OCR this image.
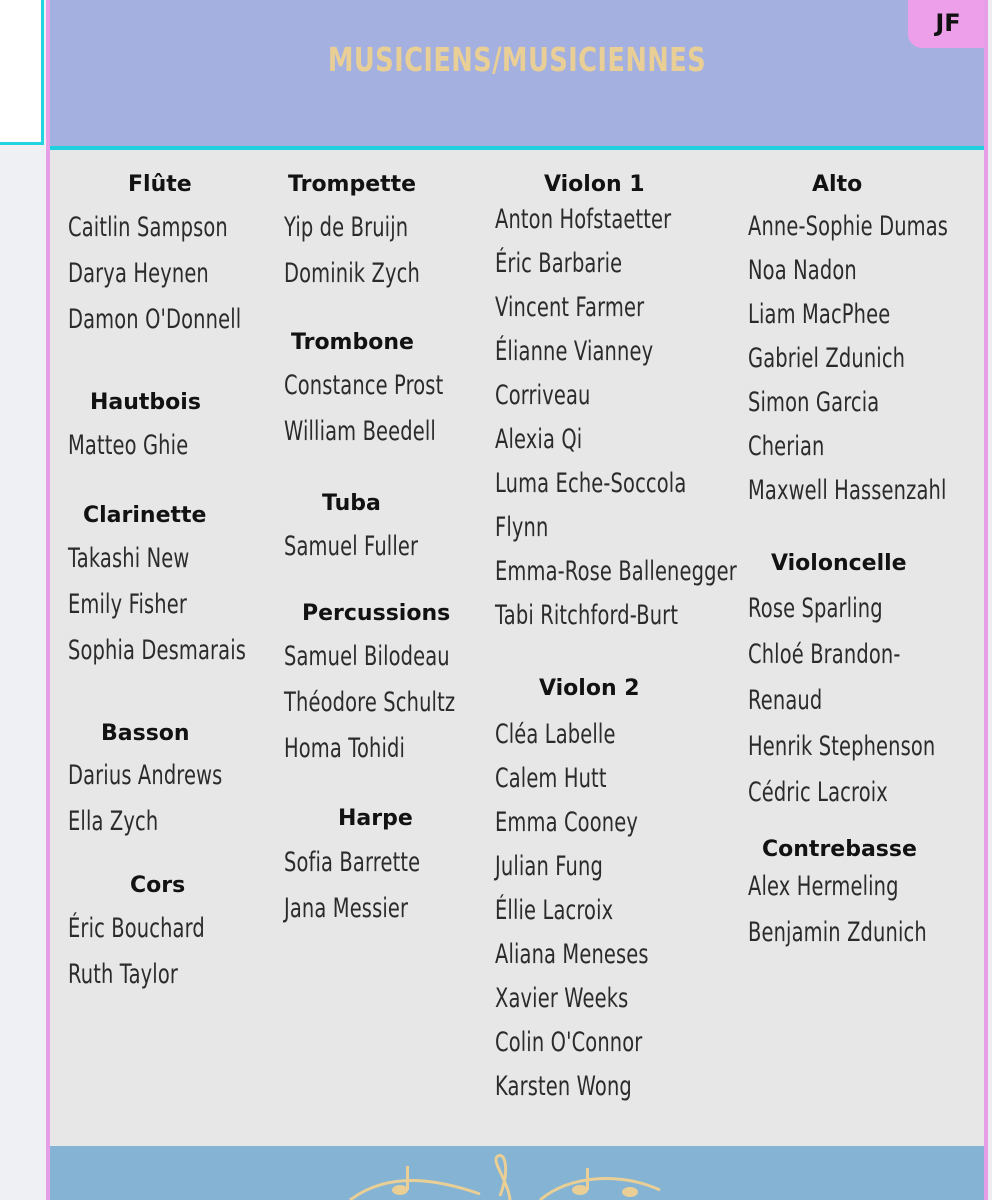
MUSICIENS/MUSICIENNES
JF
Flûte
Caitlin Sampson
Darya Heynen
Damon O'Donnell
Hautbois
Matteo Ghie
Clarinette
Takashi New
Emily Fisher
Sophia Desmarais
Basson
Darius Andrews
Ella Zych
Cors
Éric Bouchard
Ruth Taylor
Trompette
Yip de Bruijn
Dominik Zych
Trombone
Constance Prost
William Beedell
Tuba
Samuel Fuller
Percussions
Samuel Bilodeau
Théodore Schultz
Homa Tohidi
Harpe
Sofia Barrette
Jana Messier
Violon 1
Anton Hofstaetter
Éric Barbarie
Vincent Farmer
Élianne Vianney
Corriveau
Alexia Qi
Luma Eche-Soccola
Flynn
Emma-Rose Ballenegger
Tabi Ritchford-Burt
Violon 2
Cléa Labelle
Calem Hutt
Emma Cooney
Julian Fung
Éllie Lacroix
Aliana Meneses
Xavier Weeks
Colin O'Connor
Karsten Wong
Alto
Anne-Sophie Dumas
Noa Nadon
Liam MacPhee
Gabriel Zdunich
Simon Garcia
Cherian
Maxwell Hassenzahl
Violoncelle
Rose Sparling
Chloé Brandon-
Renaud
Henrik Stephenson
Cédric Lacroix
Contrebasse
Alex Hermeling
Benjamin Zdunich
